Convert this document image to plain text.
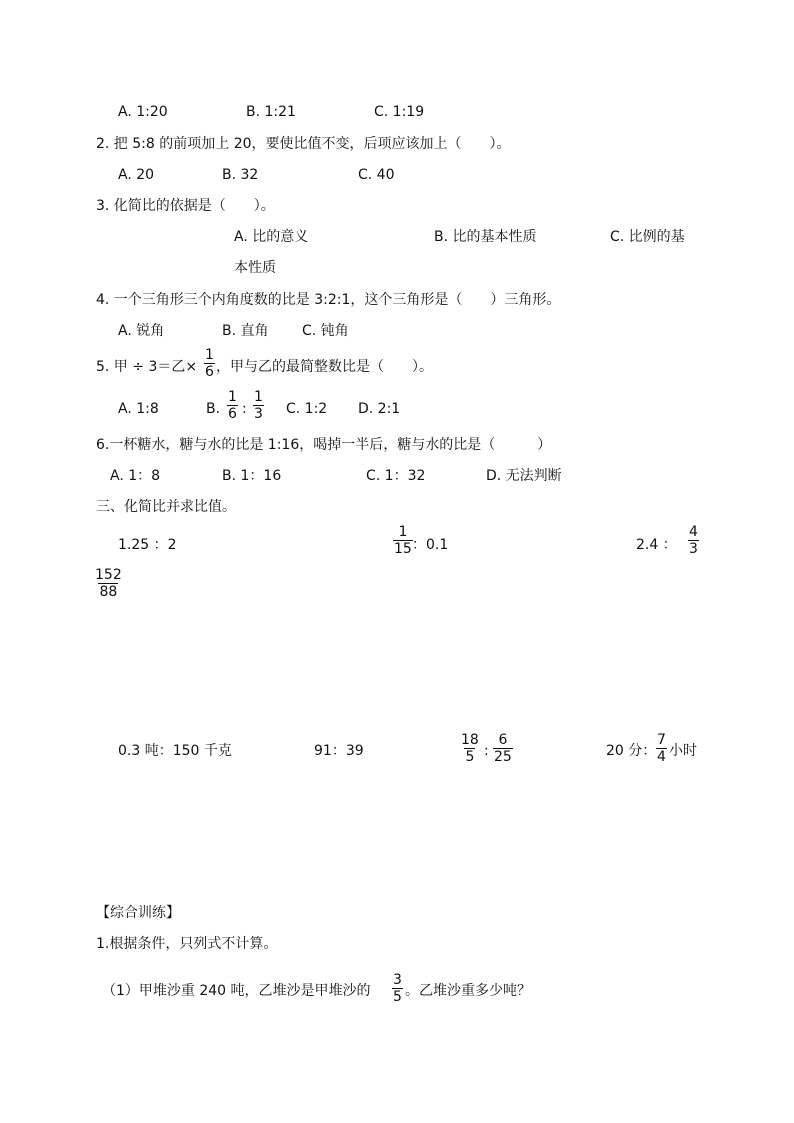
A. 1:20	B. 1:21	C. 1:19
2. 把 5:8 的前项加上 20，要使比值不变，后项应该加上（　　）。
A. 20	B. 32	C. 40
3. 化简比的依据是（　　）。
A. 比的意义	B. 比的基本性质	C. 比例的基
本性质
4. 一个三角形三个内角度数的比是 3:2:1，这个三角形是（　　）三角形。
A. 锐角	B. 直角 C. 钝角
5. 甲 ÷ 3＝乙× $\frac{1}{6}$ ，甲与乙的最简整数比是（　　）。
A. 1:8	B. $\frac{1}{6}$ : $\frac{1}{3} C$. 1:2 D. 2:1
6.一杯糖水，糖与水的比是 1:16，喝掉一半后，糖与水的比是（　　　）
A. 1：8	B. 1：16	C. 1：32	D. 无法判断
三、化简比并求比值。
1.25 ：2	$\frac{1}{15}$ ：0.1	2.4 ： $\frac{4}{3}$
$\frac{152}{88}$
0.3 吨：150 千克	91：39	$\frac{18}{5}$ : $\frac{6}{25}$	20 分： $\frac{7}{4}$ 小时
【综合训练】
1.根据条件，只列式不计算。
（1）甲堆沙重 240 吨，乙堆沙是甲堆沙的 $\frac{3}{5}$ 。乙堆沙重多少吨？
